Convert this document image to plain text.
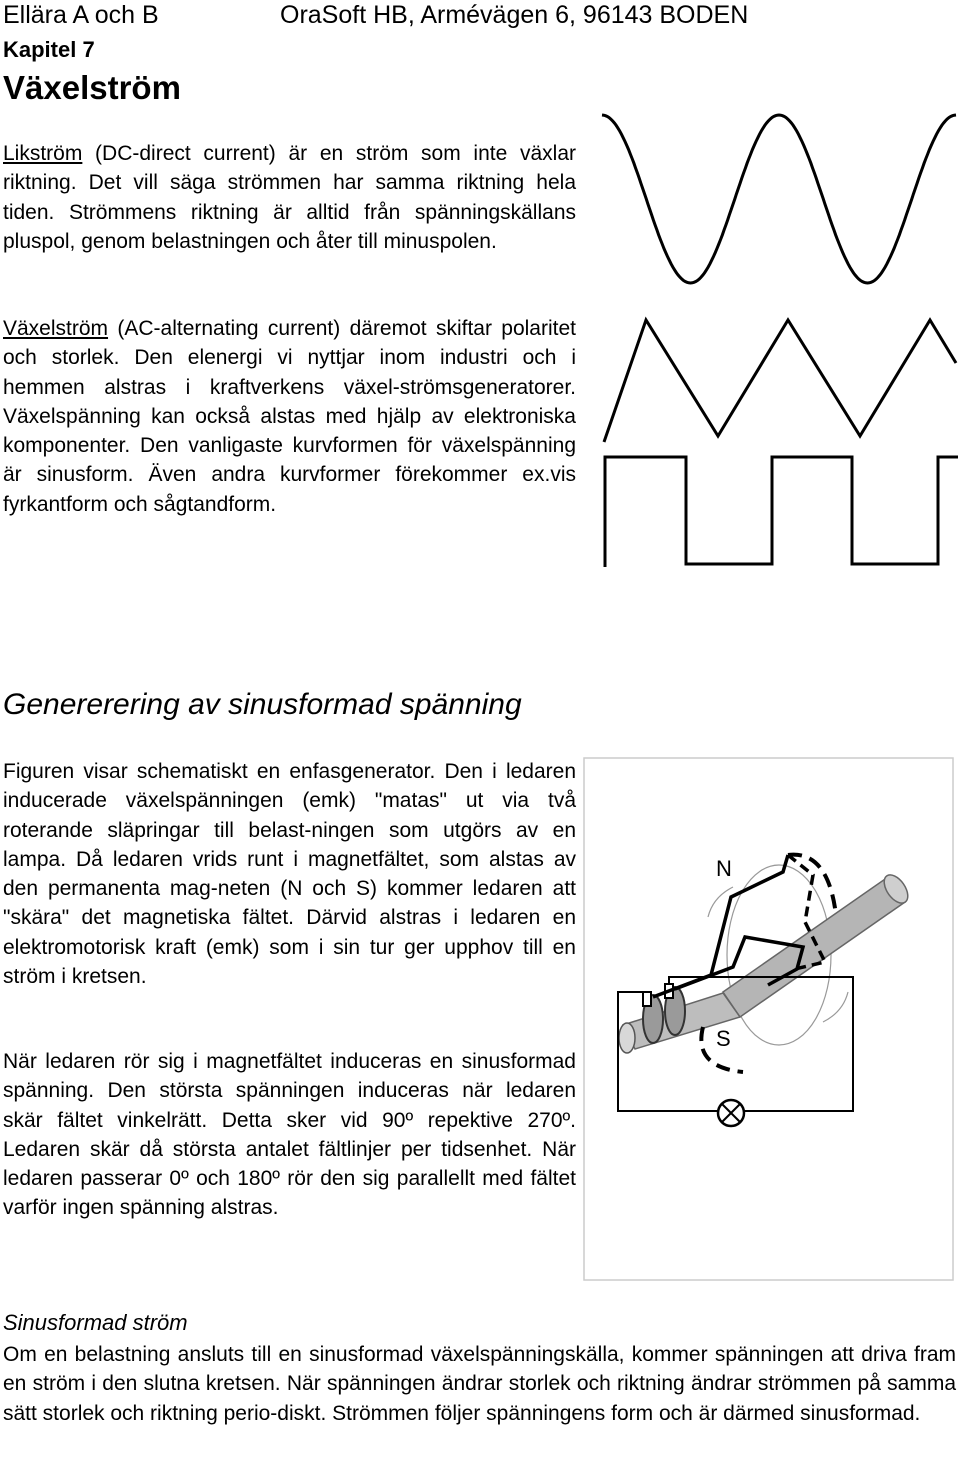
Ellära A och B	OraSoft HB, Armévägen 6, 96143 BODEN
Kapitel 7
Växelström
Likström (DC-direct current) är en ström som inte växlar riktning. Det vill säga strömmen har samma riktning hela tiden. Strömmens riktning är alltid från spänningskällans pluspol, genom belastningen och åter till minuspolen.
Växelström (AC-alternating current) däremot skiftar polaritet och storlek. Den elenergi vi nyttjar inom industri och i hemmen alstras i kraftverkens växel-strömsgeneratorer. Växelspänning kan också alstas med hjälp av elektroniska komponenter. Den vanligaste kurvformen för växelspänning är sinusform. Även andra kurvformer förekommer ex.vis fyrkantform och sågtandform.
Genererering av sinusformad spänning
Figuren visar schematiskt en enfasgenerator. Den i ledaren inducerade växelspänningen (emk) "matas" ut via två roterande släpringar till belast-ningen som utgörs av en lampa. Då ledaren vrids runt i magnetfältet, som alstas av den permanenta mag-neten (N och S) kommer ledaren att "skära" det magnetiska fältet. Därvid alstras i ledaren en elektromotorisk kraft (emk) som i sin tur ger upphov till en ström i kretsen.
När ledaren rör sig i magnetfältet induceras en sinusformad spänning. Den största spänningen induceras när ledaren skär fältet vinkelrätt. Detta sker vid 90º repektive 270º. Ledaren skär då största antalet fältlinjer per tidsenhet. När ledaren passerar 0º och 180º rör den sig parallellt med fältet varför ingen spänning alstras.
N
S
Sinusformad ström
Om en belastning ansluts till en sinusformad växelspänningskälla, kommer spänningen att driva fram en ström i den slutna kretsen. När spänningen ändrar storlek och riktning ändrar strömmen på samma sätt storlek och riktning perio-diskt. Strömmen följer spänningens form och är därmed sinusformad.
